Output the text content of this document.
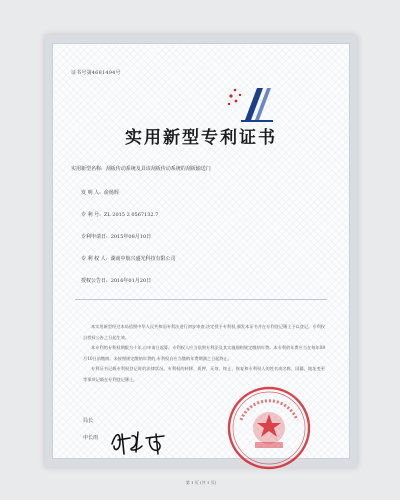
证书号第4681494号
实用新型专利证书
实用新型名称: 刮板传动系统及具该刮板传动系统的刮板输送门
发 明 人: 俞杨辉
专 利 号: ZL 2015 2 0567132.7
专利申请日: 2015年08月10日
专 利 权 人: 湖南中航兴盛光科技有限公司
授权公告日: 2016年01月20日

本实用新型经过本局依照中华人民共和国专利法进行初步审查,决定授予专利权,颁发本证书并在专利登记簿上予以登记。专利权自授权公告之日起生效。

本专利的专利权期限为十年,自申请日起算。专利权人应当依照专利法及其实施细则规定缴纳年费。本专利的年费应当在每年08月10日前缴纳。未按照规定缴纳年费的,专利权自应当缴纳年费期满之日起终止。

专利证书记载专利权登记时的法律状况。专利权的转移、质押、无效、终止、恢复和专利权人的姓名或名称、国籍、地址变更等事项记载在专利登记簿上。

局长
申长雨
第 1 页 (共 1 页)
